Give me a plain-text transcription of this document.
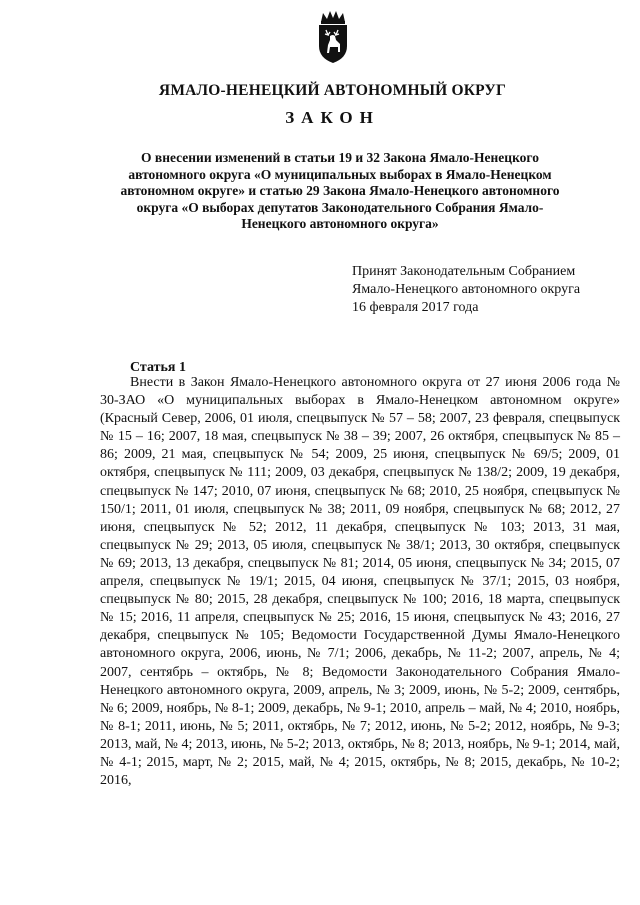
ЯМАЛО-НЕНЕЦКИЙ АВТОНОМНЫЙ ОКРУГ
ЗАКОН
О внесении изменений в статьи 19 и 32 Закона Ямало-Ненецкого автономного округа «О муниципальных выборах в Ямало-Ненецком автономном округе» и статью 29 Закона Ямало-Ненецкого автономного округа «О выборах депутатов Законодательного Собрания Ямало-Ненецкого автономного округа»
Принят Законодательным Собранием
Ямало-Ненецкого автономного округа
16 февраля 2017 года
Статья 1
Внести в Закон Ямало-Ненецкого автономного округа от 27 июня 2006 года № 30-ЗАО «О муниципальных выборах в Ямало-Ненецком автономном округе» (Красный Север, 2006, 01 июля, спецвыпуск № 57 – 58; 2007, 23 февраля, спецвыпуск № 15 – 16; 2007, 18 мая, спецвыпуск № 38 – 39; 2007, 26 октября, спецвыпуск № 85 – 86; 2009, 21 мая, спецвыпуск № 54; 2009, 25 июня, спецвыпуск № 69/5; 2009, 01 октября, спецвыпуск № 111; 2009, 03 декабря, спецвыпуск № 138/2; 2009, 19 декабря, спецвыпуск № 147; 2010, 07 июня, спецвыпуск № 68; 2010, 25 ноября, спецвыпуск № 150/1; 2011, 01 июля, спецвыпуск № 38; 2011, 09 ноября, спецвыпуск № 68; 2012, 27 июня, спецвыпуск № 52; 2012, 11 декабря, спецвыпуск № 103; 2013, 31 мая, спецвыпуск № 29; 2013, 05 июля, спецвыпуск № 38/1; 2013, 30 октября, спецвыпуск № 69; 2013, 13 декабря, спецвыпуск № 81; 2014, 05 июня, спецвыпуск № 34; 2015, 07 апреля, спецвыпуск № 19/1; 2015, 04 июня, спецвыпуск № 37/1; 2015, 03 ноября, спецвыпуск № 80; 2015, 28 декабря, спецвыпуск № 100; 2016, 18 марта, спецвыпуск № 15; 2016, 11 апреля, спецвыпуск № 25; 2016, 15 июня, спецвыпуск № 43; 2016, 27 декабря, спецвыпуск № 105; Ведомости Государственной Думы Ямало-Ненецкого автономного округа, 2006, июнь, № 7/1; 2006, декабрь, № 11-2; 2007, апрель, № 4; 2007, сентябрь – октябрь, № 8; Ведомости Законодательного Собрания Ямало-Ненецкого автономного округа, 2009, апрель, № 3; 2009, июнь, № 5-2; 2009, сентябрь, № 6; 2009, ноябрь, № 8-1; 2009, декабрь, № 9-1; 2010, апрель – май, № 4; 2010, ноябрь, № 8-1; 2011, июнь, № 5; 2011, октябрь, № 7; 2012, июнь, № 5-2; 2012, ноябрь, № 9-3; 2013, май, № 4; 2013, июнь, № 5-2; 2013, октябрь, № 8; 2013, ноябрь, № 9-1; 2014, май, № 4-1; 2015, март, № 2; 2015, май, № 4; 2015, октябрь, № 8; 2015, декабрь, № 10-2; 2016,
